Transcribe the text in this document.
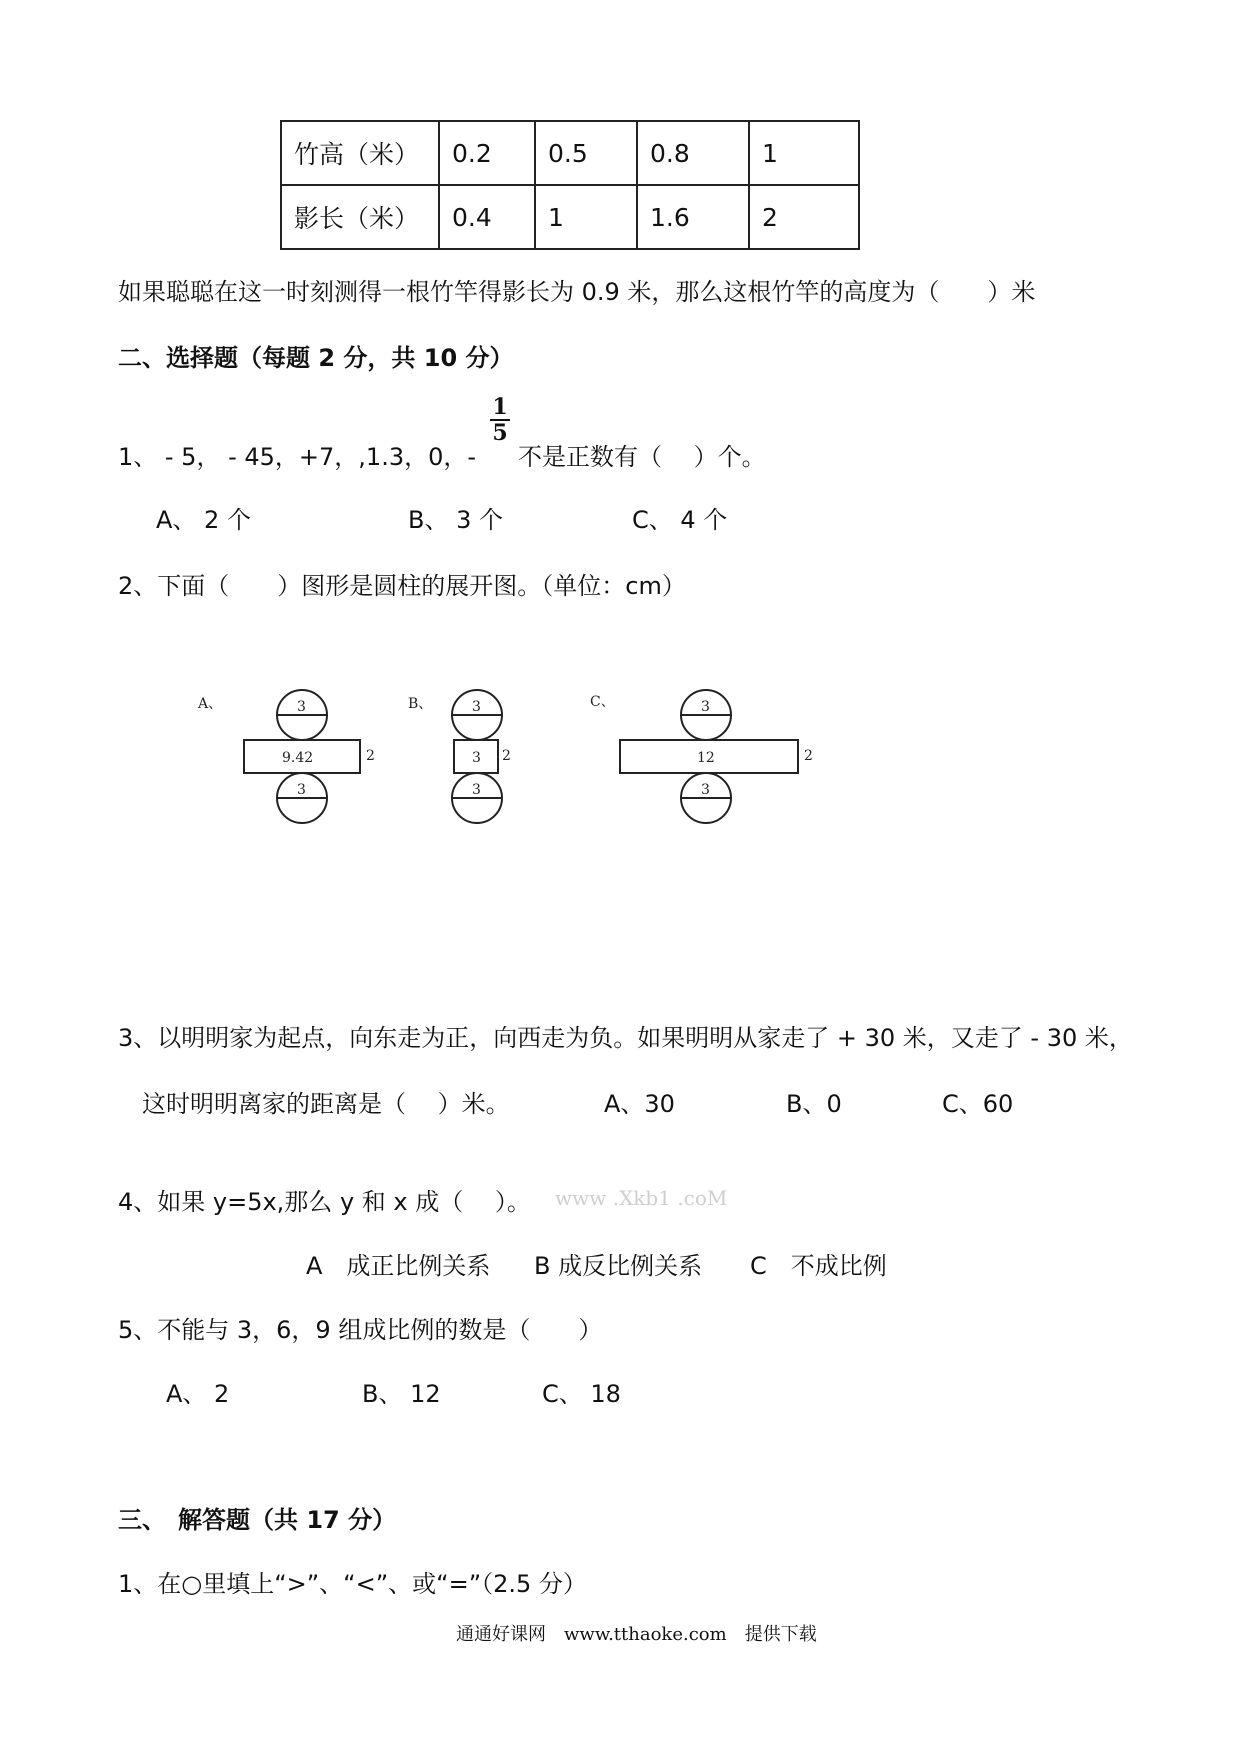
竹高（米）	0.2	0.5	0.8	1
影长（米）	0.4	1	1.6	2
如果聪聪在这一时刻测得一根竹竿得影长为 0.9 米，那么这根竹竿的高度为（　　）米
二、选择题（每题 2 分，共 10 分）
1、 - 5， - 45，+7，,1.3，0，-
$\frac{1}{5}$
不是正数有（　 ）个。
A、 2 个	B、 3 个	C、 4 个
2、下面（　　）图形是圆柱的展开图。（单位：cm）
A、	3
9.42	2
3
B、	3
3 2
3
C、	3
12	2
3
3、以明明家为起点，向东走为正，向西走为负。如果明明从家走了 + 30 米，又走了 - 30 米，
这时明明离家的距离是（　 ）米。	A、30	B、0	C、60
4、如果 y=5x,那么 y 和 x 成（　 ）。 www .Xkb1 .coM
A　成正比例关系 B 成反比例关系 C　不成比例
5、不能与 3，6，9 组成比例的数是（　　）
A、 2	B、 12	C、 18
三、　解答题（共 17 分）
1、在○里填上“>”、“<”、或“=”（2.5 分）
通通好课网　www.tthaoke.com　提供下载
